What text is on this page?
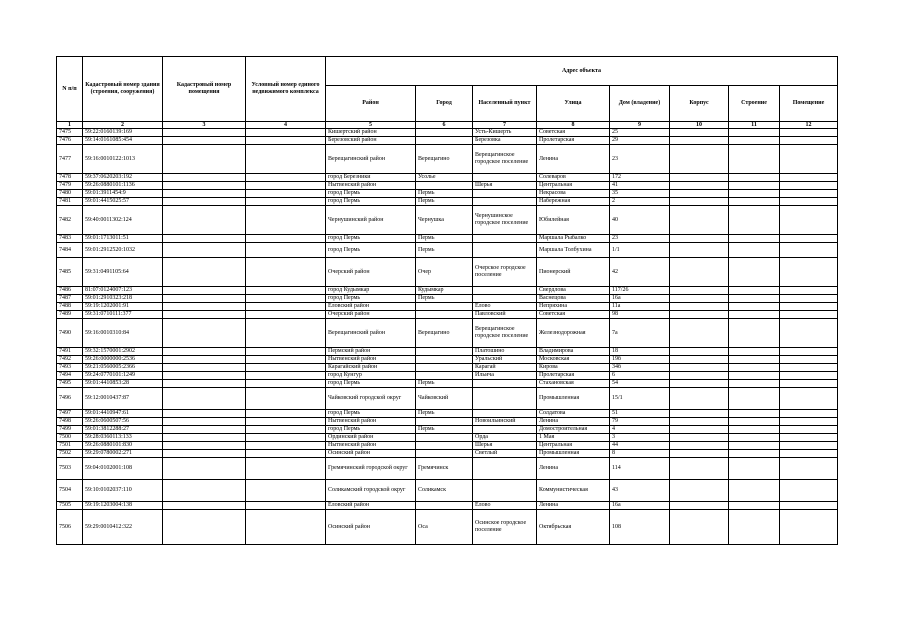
N п/п	Кадастровый номер здания (строения, сооружения)	Кадастровый номер помещения	Условный номер единого недвижимого комплекса	Адрес объекта							
				Район	Город	Населенный пункт	Улица	Дом (владение)	Корпус	Строение	Помещение
1	2	3	4	5	6	7	8	9	10	11	12
7475	59:22:0160139:169			Кишертский район		Усть-Кишерть	Советская	25			
7476	59:14:0161085:454			Березовский район		Березовка	Пролетарская	29			
7477	59:16:0010122:1013			Верещагинский район	Верещагино	Верещагинское городское поселение	Ленина	23			
7478	59:37:0620203:192			город Березники	Усолье		Солеваров	172			
7479	59:26:0880101:1136			Нытвенский район		Шерья	Центральная	41			
7480	59:01:3911454:9			город Пермь	Пермь		Некрасова	35			
7481	59:01:4415025:57			город Пермь	Пермь		Набережная	2			
7482	59:40:0011302:124			Чернушинский район	Чернушка	Чернушинское городское поселение	Юбилейная	40			
7483	59:01:1713011:51			город Пермь	Пермь		Маршала Рыбалко	23			
7484	59:01:2912520:1032			город Пермь	Пермь		Маршала Толбухина	1/1			
7485	59:31:0491105:64			Очерский район	Очер	Очерское городское поселение	Пионерский	42			
7486	81:07:0124007:123			город Кудымкар	Кудымкар		Свердлова	117/26			
7487	59:01:2910323:218			город Пермь	Пермь		Васнецова	16а			
7488	59:19:1202001:91			Еловский район		Елово	Непряхина	11а			
7489	59:31:0710111:377			Очерский район		Павловский	Советская	98			
7490	59:16:0010310:84			Верещагинский район	Верещагино	Верещагинское городское поселение	Железнодорожная	7а			
7491	59:32:1570001:2902			Пермский район		Платошино	Владимирова	18			
7492	59:26:0000000:2536			Нытвенский район		Уральский	Московская	19б			
7493	59:21:0560005:2366			Карагайский район		Карагай	Кирова	34б			
7494	59:24:0770101:1249			город Кунгур		Ильича	Пролетарская	6			
7495	59:01:4410853:28			город Пермь	Пермь		Стахановская	54			
7496	59:12:0010437:87			Чайковский городской округ	Чайковский		Промышленная	15/1			
7497	59:01:4410947:61			город Пермь	Пермь		Солдатова	51			
7498	59:26:0600507:56			Нытвенский район		Новоильинский	Ленина	79			
7499	59:01:3812288:27			город Пермь	Пермь		Домостроительная	4			
7500	59:28:0360113:133			Ординский район		Орда	1 Мая	3			
7501	59:26:0880101:830			Нытвенский район		Шерья	Центральная	44			
7502	59:29:0780002:271			Осинский район		Светлый	Промышленная	8			
7503	59:04:0102001:108			Гремячинский городской округ	Гремячинск		Ленина	114			
7504	59:10:0102037:110			Соликамский городской округ	Соликамск		Коммунистическая	43			
7505	59:19:1203004:138			Еловский район		Елово	Ленина	16а			
7506	59:29:0010412:322			Осинский район	Оса	Осинское городское поселение	Октябрьская	108			
